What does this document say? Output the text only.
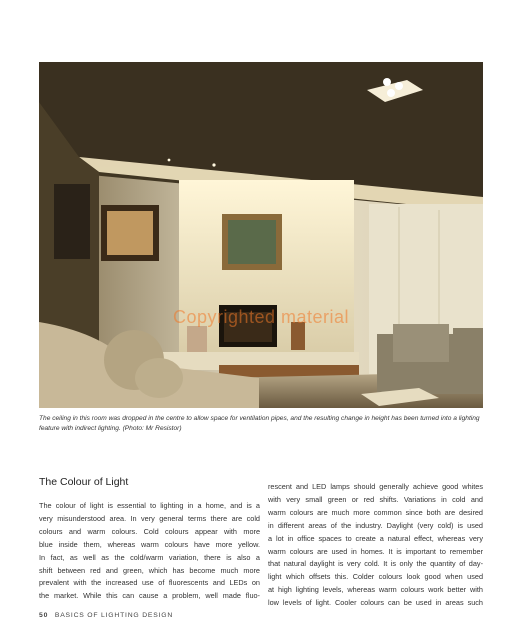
Copyrighted material
The ceiling in this room was dropped in the centre to allow space for ventilation pipes, and the resulting change in height has been turned into a lighting feature with indirect lighting. (Photo: Mr Resistor)
The Colour of Light
The colour of light is essential to lighting in a home, and is a
very misunderstood area. In very general terms there are cold
colours and warm colours. Cold colours appear with more
blue inside them, whereas warm colours have more yellow.
In fact, as well as the cold/warm variation, there is also a
shift between red and green, which has become much more
prevalent with the increased use of fluorescents and LEDs on
the market. While this can cause a problem, well made fluo-
rescent and LED lamps should generally achieve good whites
with very small green or red shifts. Variations in cold and
warm colours are much more common since both are desired
in different areas of the industry. Daylight (very cold) is used
a lot in office spaces to create a natural effect, whereas very
warm colours are used in homes. It is important to remember
that natural daylight is very cold. It is only the quantity of day-
light which offsets this. Colder colours look good when used
at high lighting levels, whereas warm colours work better with
low levels of light. Cooler colours can be used in areas such
50 BASICS OF LIGHTING DESIGN
